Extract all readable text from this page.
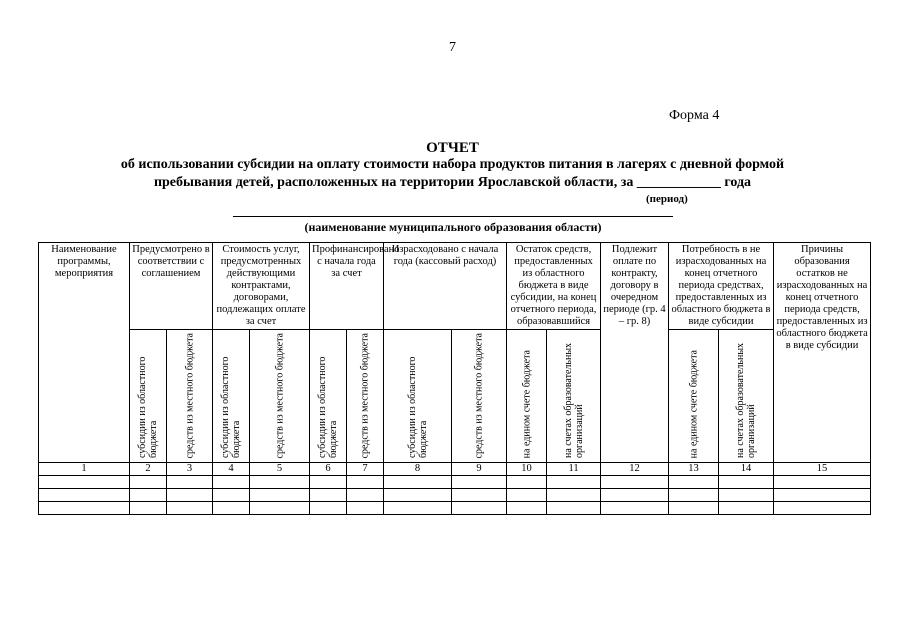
7
Форма 4
ОТЧЕТ
об использовании субсидии на оплату стоимости набора продуктов питания в лагерях с дневной формой
пребывания детей, расположенных на территории Ярославской области, за ____________ года
(период)
(наименование муниципального образования области)
Наименование программы, мероприятия	Предусмотрено в соответствии с соглашением		Стоимость услуг, предусмотренных действующими контрактами, договорами, подлежащих оплате за счет		Профинансировано с начала года за счет		Израсходовано с начала года (кассовый расход)		Остаток средств, предоставленных из областного бюджета в виде субсидии, на конец отчетного периода, образовавшийся		Подлежит оплате по контракту, договору в очередном периоде (гр. 4 – гр. 8)	Потребность в не израсходованных на конец отчетного периода средствах, предоставленных из областного бюджета в виде субсидии		Причины образования остатков не израсходованных на конец отчетного периода средств, предоставленных из областного бюджета в виде субсидии

	субсидии из областного бюджета	средств из местного бюджета	субсидии из областного бюджета	средств из местного бюджета	субсидии из областного бюджета	средств из местного бюджета	субсидии из областного бюджета	средств из местного бюджета	на едином счете бюджета	на счетах образовательных организаций		на едином счете бюджета	на счетах образовательных организаций	

1	2	3	4	5	6	7	8	9	10	11	12	13	14	15
